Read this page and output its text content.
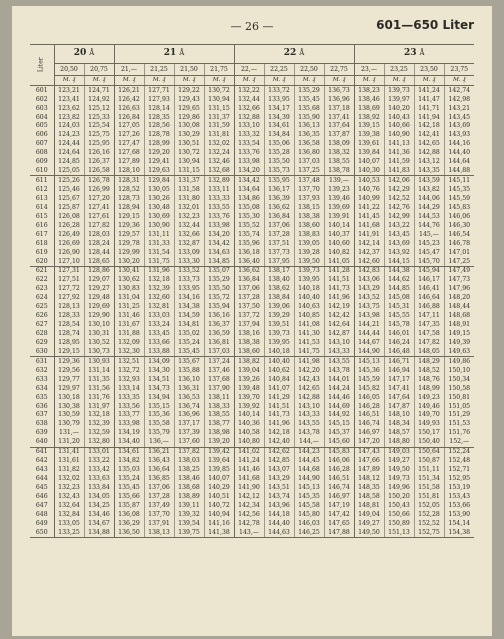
— 26 —	601—650 Liter
Liter	20 Å		21 Å				22 Å				23 Å			
	20,50	20,75	21,—	21,25	21,50	21,75	22,—	22,25	22,50	22,75	23,—	23,25	23,50	23,75
	M. ₰	M. ₰	M. ₰	M. ₰	M. ₰	M. ₰	M. ₰	M. ₰	M. ₰	M. ₰	M. ₰	M. ₰	M. ₰	M. ₰
601	123,21	124,71	126,21	127,71	129,22	130,72	132,22	133,72	135,29	136,73	138,23	139,73	141,24	142,74
602	123,41	124,92	126,42	127,93	129,43	130,94	132,44	133,95	135,45	136,96	138,46	139,97	141,47	142,98
603	123,62	125,12	126,63	128,14	129,65	131,15	132,66	134,17	135,68	137,18	138,69	140,20	141,71	143,21
604	123,82	125,33	126,84	128,35	129,86	131,37	132,88	134,39	135,90	137,41	138,92	140,43	141,94	143,45
605	124,03	125,54	127,05	128,56	130,08	131,59	133,10	134,61	136,13	137,64	139,15	140,66	142,18	143,69
606	124,23	125,75	127,26	128,78	130,29	131,81	133,32	134,84	136,35	137,87	139,38	140,90	142,41	143,93
607	124,44	125,95	127,47	128,99	130,51	132,02	133,54	135,06	136,58	138,09	139,61	141,13	142,65	144,16
608	124,64	126,16	127,68	129,20	130,72	132,24	133,76	135,28	136,80	138,32	139,84	141,36	142,88	144,40
609	124,85	126,37	127,89	129,41	130,94	132,46	133,98	135,50	137,03	138,55	140,07	141,59	143,12	144,64
610	125,05	126,58	128,10	129,63	131,15	132,68	134,20	135,73	137,25	138,78	140,30	141,83	143,35	144,88
611	125,26	126,78	128,31	129,84	131,37	132,89	134,42	135,95	137,48	139,—	140,53	142,06	143,59	145,11
612	125,46	126,99	128,52	130,05	131,58	133,11	134,64	136,17	137,70	139,23	140,76	142,29	143,82	145,35
613	125,67	127,20	128,73	130,26	131,80	133,33	134,86	136,39	137,93	139,46	140,99	142,52	144,06	145,59
614	125,87	127,41	128,94	130,48	132,01	133,55	135,08	136,62	138,15	139,69	141,22	142,76	144,29	145,83
615	126,08	127,61	129,15	130,69	132,23	133,76	135,30	136,84	138,38	139,91	141,45	142,99	144,53	146,06
616	126,28	127,82	129,36	130,90	132,44	133,98	135,52	137,06	138,60	140,14	141,68	143,22	144,76	146,30
617	126,49	128,03	129,57	131,11	132,66	134,20	135,74	137,28	138,83	140,37	141,91	143,45	145,—	146,54
618	126,69	128,24	129,78	131,33	132,87	134,42	135,96	137,51	139,05	140,60	142,14	143,69	145,23	146,78
619	126,90	128,44	129,99	131,54	133,09	134,63	136,18	137,73	139,28	140,82	142,37	143,92	145,47	147,01
620	127,10	128,65	130,20	131,75	133,30	134,85	136,40	137,95	139,50	141,05	142,60	144,15	145,70	147,25
621	127,31	128,86	130,41	131,96	133,52	135,07	136,62	138,17	139,73	141,28	142,83	144,38	145,94	147,49
622	127,51	129,07	130,62	132,18	133,73	135,29	136,84	138,40	139,95	141,51	143,06	144,62	146,17	147,73
623	127,72	129,27	130,83	132,39	133,95	135,50	137,06	138,62	140,18	141,73	143,29	144,85	146,41	147,96
624	127,92	129,48	131,04	132,60	134,16	135,72	137,28	138,84	140,40	141,96	143,52	145,08	146,64	148,20
625	128,13	129,69	131,25	132,81	134,38	135,94	137,50	139,06	140,63	142,19	143,75	145,31	146,88	148,44
626	128,33	129,90	131,46	133,03	134,59	136,16	137,72	139,29	140,85	142,42	143,98	145,55	147,11	148,68
627	128,54	130,10	131,67	133,24	134,81	136,37	137,94	139,51	141,08	142,64	144,21	145,78	147,35	148,91
628	128,74	130,31	131,88	133,45	135,02	136,59	138,16	139,73	141,30	142,87	144,44	146,01	147,58	149,15
629	128,95	130,52	132,09	133,66	135,24	136,81	138,38	139,95	141,53	143,10	144,67	146,24	147,82	149,39
630	129,15	130,73	132,30	133,88	135,45	137,03	138,60	140,18	141,75	143,33	144,90	146,48	148,05	149,63
631	129,36	130,93	132,51	134,09	135,67	137,24	138,82	140,40	141,98	143,55	145,13	146,71	148,29	149,86
632	129,56	131,14	132,72	134,30	135,88	137,46	139,04	140,62	142,20	143,78	145,36	146,94	148,52	150,10
633	129,77	131,35	132,93	134,51	136,10	137,68	139,26	140,84	142,43	144,01	145,59	147,17	148,76	150,34
634	129,97	131,56	133,14	134,73	136,31	137,90	139,48	141,07	142,65	144,24	145,82	147,41	148,99	150,58
635	130,18	131,76	133,35	134,94	136,53	138,11	139,70	141,29	142,88	144,46	146,05	147,64	149,23	150,81
636	130,38	131,97	133,56	135,15	136,74	138,33	139,92	141,51	143,10	144,69	146,28	147,87	149,46	151,05
637	130,59	132,18	133,77	135,36	136,96	138,55	140,14	141,73	143,33	144,92	146,51	148,10	149,70	151,29
638	130,79	132,39	133,98	135,58	137,17	138,77	140,36	141,96	143,55	145,15	146,74	148,34	149,93	151,53
639	131,—	132,59	134,19	135,79	137,39	138,98	140,58	142,18	143,78	145,37	146,97	148,57	150,17	151,76
640	131,20	132,80	134,40	136,—	137,60	139,20	140,80	142,40	144,—	145,60	147,20	148,80	150,40	152,—
641	131,41	133,01	134,61	136,21	137,82	139,42	141,02	142,62	144,23	145,83	147,43	149,03	150,64	152,24
642	131,61	133,22	134,82	136,43	138,03	139,64	141,24	142,85	144,45	146,06	147,66	149,27	150,87	152,48
643	131,82	133,42	135,03	136,64	138,25	139,85	141,46	143,07	144,68	146,28	147,89	149,50	151,11	152,71
644	132,02	133,63	135,24	136,85	138,46	140,07	141,68	143,29	144,90	146,51	148,12	149,73	151,34	152,95
645	132,23	133,84	135,45	137,06	138,68	140,29	141,90	143,51	145,13	146,74	148,35	149,96	151,58	153,19
646	132,43	134,05	135,66	137,28	138,89	140,51	142,12	143,74	145,35	146,97	148,58	150,20	151,81	153,43
647	132,64	134,25	135,87	137,49	139,11	140,72	142,34	143,96	145,58	147,19	148,81	150,43	152,05	153,66
648	132,84	134,46	136,08	137,70	139,32	140,94	142,56	144,18	145,80	147,42	149,04	150,66	152,28	153,90
649	133,05	134,67	136,29	137,91	139,54	141,16	142,78	144,40	146,03	147,65	149,27	150,89	152,52	154,14
650	133,25	134,88	136,50	138,13	139,75	141,38	143,—	144,63	146,25	147,88	149,50	151,13	152,75	154,38
